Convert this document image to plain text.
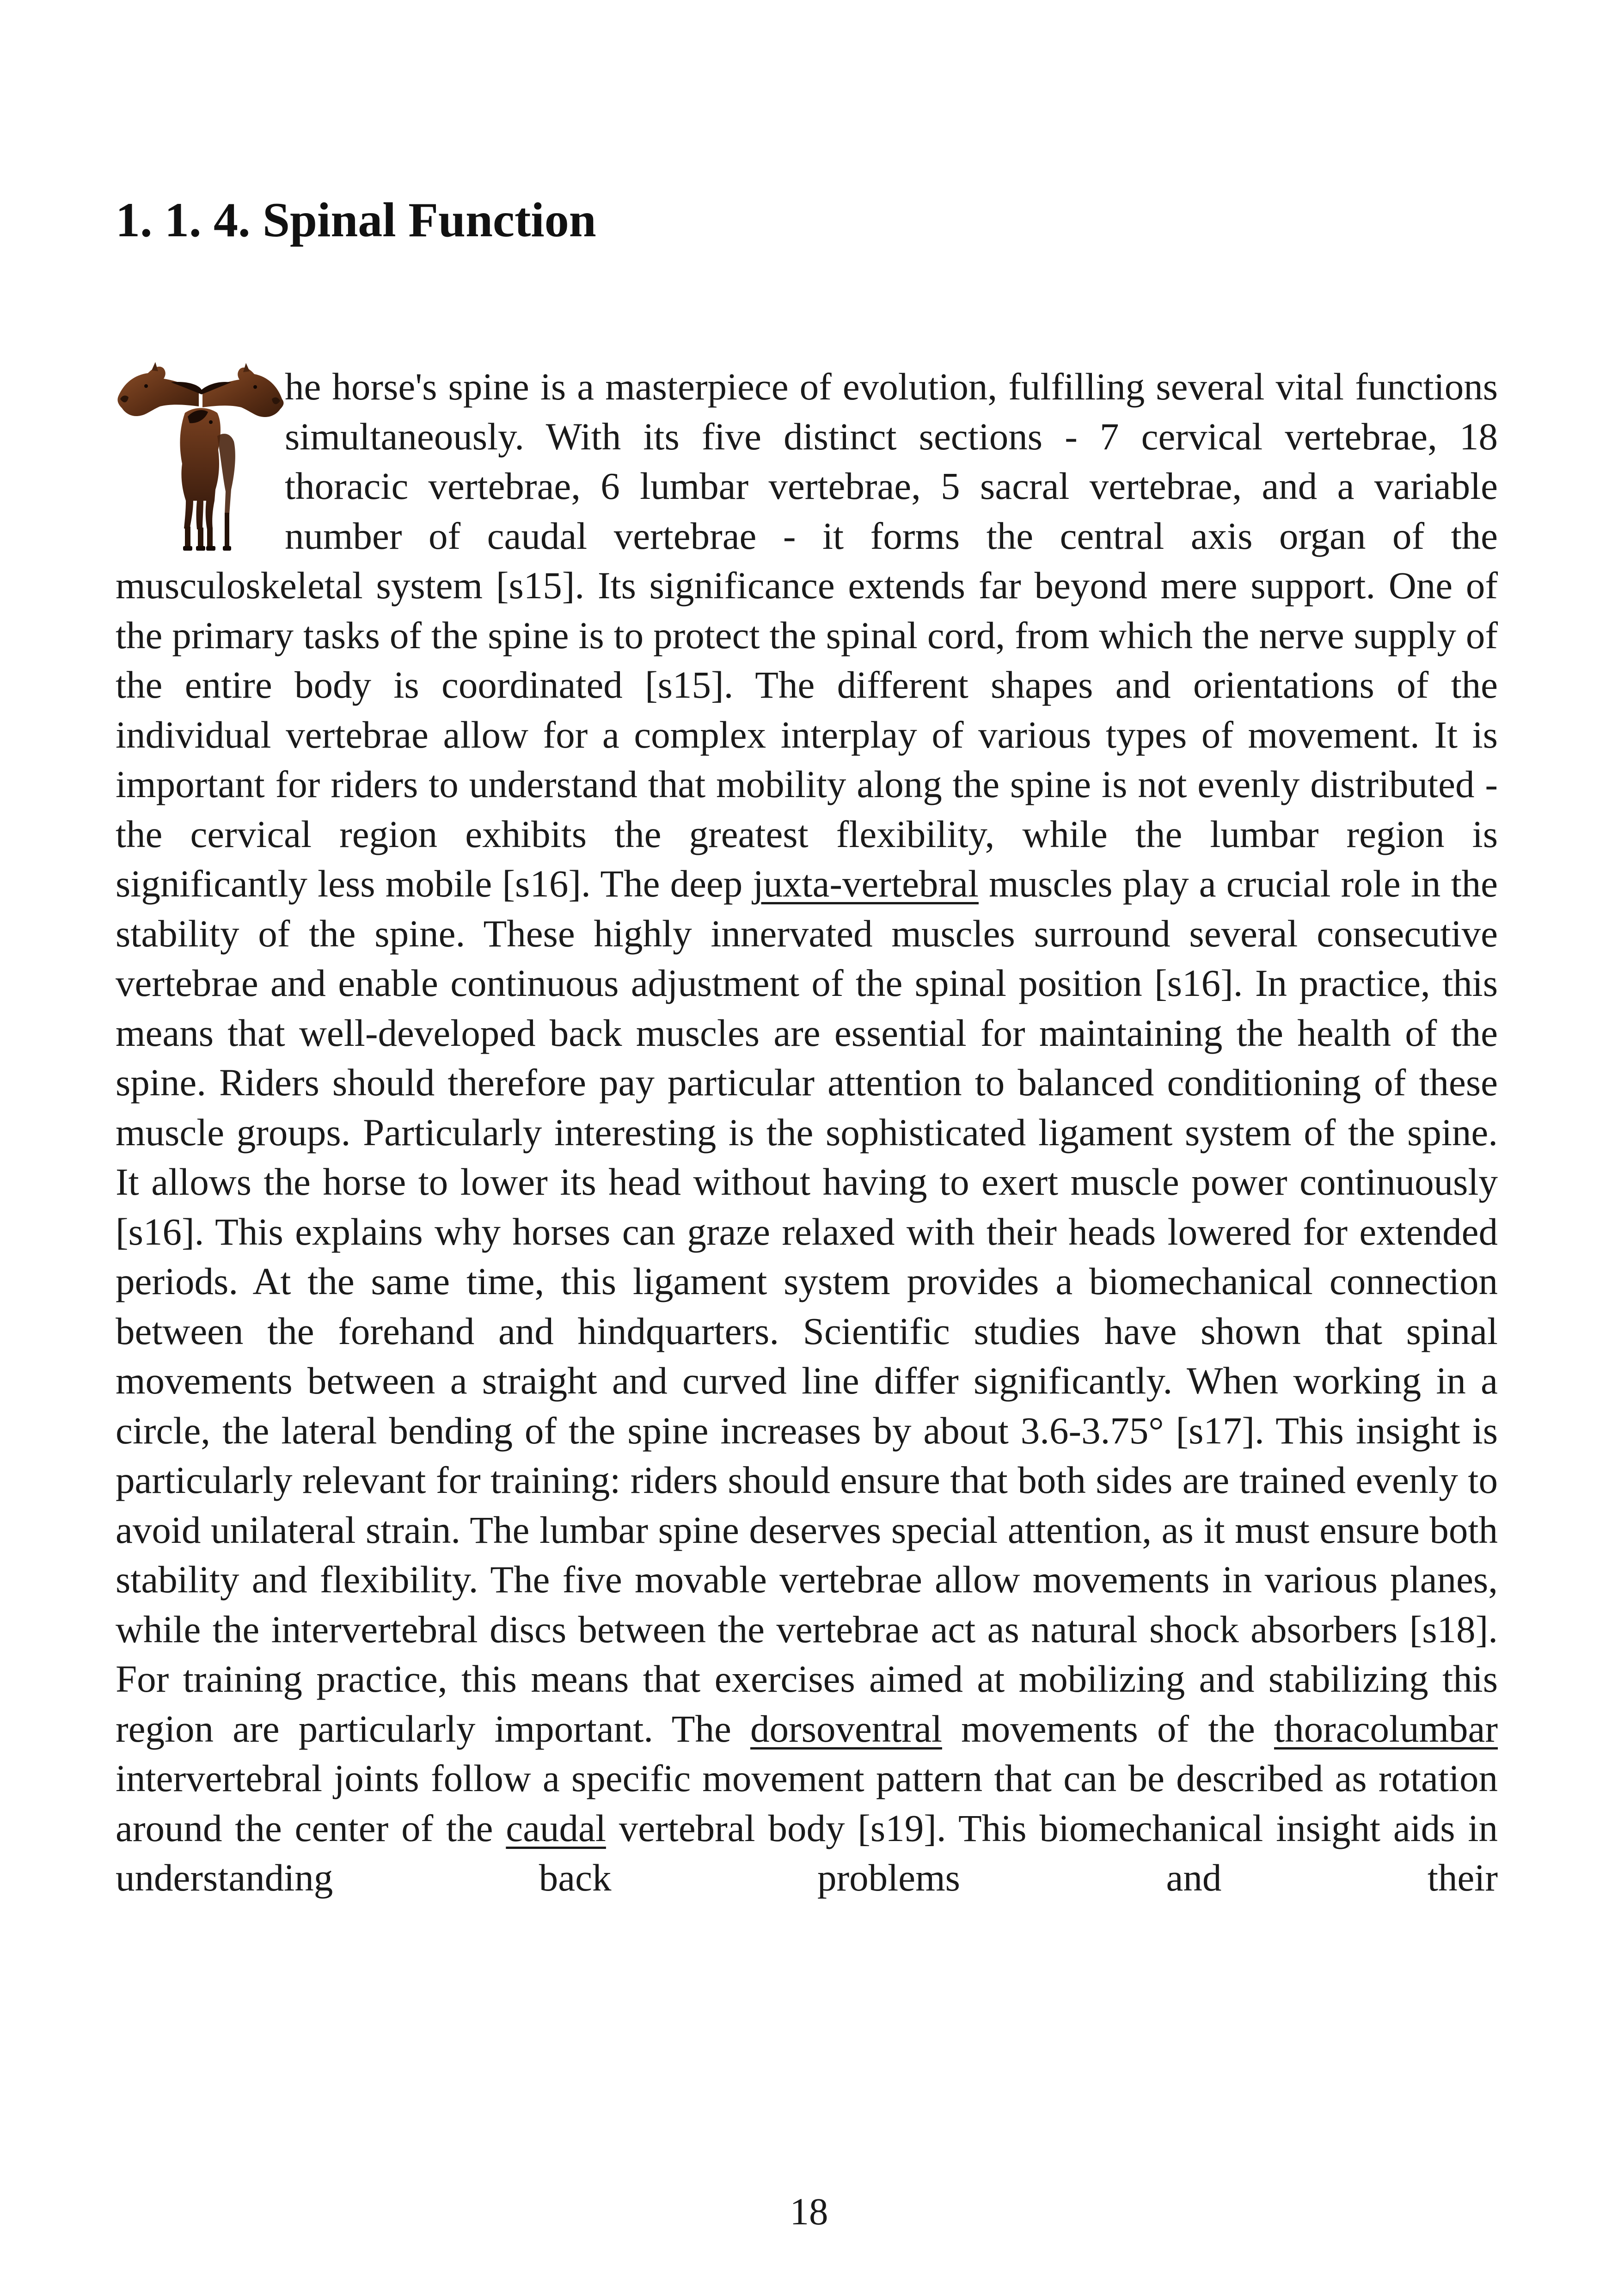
1. 1. 4. Spinal Function

he horse's spine is a masterpiece of evolution, fulfilling several vital functions simultaneously. With its five distinct sections - 7 cervical vertebrae, 18 thoracic vertebrae, 6 lumbar vertebrae, 5 sacral vertebrae, and a variable number of caudal vertebrae - it forms the central axis organ of the musculoskeletal system [s15]. Its significance extends far beyond mere support. One of the primary tasks of the spine is to protect the spinal cord, from which the nerve supply of the entire body is coordinated [s15]. The different shapes and orientations of the individual vertebrae allow for a complex interplay of various types of movement. It is important for riders to understand that mobility along the spine is not evenly distributed - the cervical region exhibits the greatest flexibility, while the lumbar region is significantly less mobile [s16]. The deep juxta-vertebral muscles play a crucial role in the stability of the spine. These highly innervated muscles surround several consecutive vertebrae and enable continuous adjustment of the spinal position [s16]. In practice, this means that well-developed back muscles are essential for maintaining the health of the spine. Riders should therefore pay particular attention to balanced conditioning of these muscle groups. Particularly interesting is the sophisticated ligament system of the spine. It allows the horse to lower its head without having to exert muscle power continuously [s16]. This explains why horses can graze relaxed with their heads lowered for extended periods. At the same time, this ligament system provides a biomechanical connection between the forehand and hindquarters. Scientific studies have shown that spinal movements between a straight and curved line differ significantly. When working in a circle, the lateral bending of the spine increases by about 3.6-3.75° [s17]. This insight is particularly relevant for training: riders should ensure that both sides are trained evenly to avoid unilateral strain. The lumbar spine deserves special attention, as it must ensure both stability and flexibility. The five movable vertebrae allow movements in various planes, while the intervertebral discs between the vertebrae act as natural shock absorbers [s18]. For training practice, this means that exercises aimed at mobilizing and stabilizing this region are particularly important. The dorsoventral movements of the thoracolumbar intervertebral joints follow a specific movement pattern that can be described as rotation around the center of the caudal vertebral body [s19]. This biomechanical insight aids in understanding back problems and their

18
